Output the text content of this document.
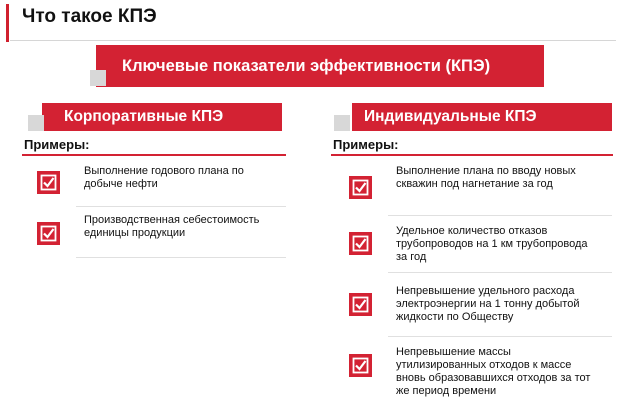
Что такое КПЭ
Ключевые показатели эффективности (КПЭ)
Корпоративные КПЭ
Примеры:
Выполнение годового плана по добыче нефти
Производственная себестоимость единицы продукции
Индивидуальные КПЭ
Примеры:
Выполнение плана по вводу новых скважин под нагнетание за год
Удельное количество отказов трубопроводов на 1 км трубопровода за год
Непревышение удельного расхода электроэнергии на 1 тонну добытой жидкости по Обществу
Непревышение массы утилизированных отходов к массе вновь образовавшихся отходов за тот же период времени
